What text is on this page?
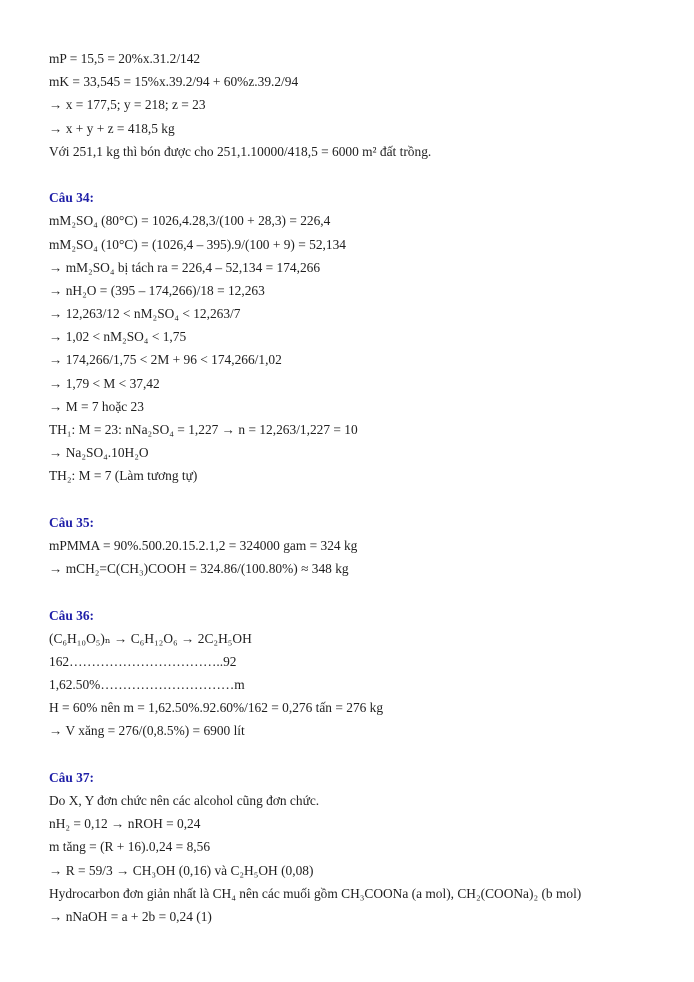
mP = 15,5 = 20%x.31.2/142
mK = 33,545 = 15%x.39.2/94 + 60%z.39.2/94
→ x = 177,5; y = 218; z = 23
→ x + y + z = 418,5 kg
Với 251,1 kg thì bón được cho 251,1.10000/418,5 = 6000 m² đất trồng.
Câu 34:
mM₂SO₄ (80°C) = 1026,4.28,3/(100 + 28,3) = 226,4
mM₂SO₄ (10°C) = (1026,4 – 395).9/(100 + 9) = 52,134
→ mM₂SO₄ bị tách ra = 226,4 – 52,134 = 174,266
→ nH₂O = (395 – 174,266)/18 = 12,263
→ 12,263/12 < nM₂SO₄ < 12,263/7
→ 1,02 < nM₂SO₄ < 1,75
→ 174,266/1,75 < 2M + 96 < 174,266/1,02
→ 1,79 < M < 37,42
→ M = 7 hoặc 23
TH₁: M = 23: nNa₂SO₄ = 1,227 → n = 12,263/1,227 = 10
→ Na₂SO₄.10H₂O
TH₂: M = 7 (Làm tương tự)
Câu 35:
mPMMA = 90%.500.20.15.2.1,2 = 324000 gam = 324 kg
→ mCH₂=C(CH₃)COOH = 324.86/(100.80%) ≈ 348 kg
Câu 36:
(C₆H₁₀O₅)ₙ → C₆H₁₂O₆ → 2C₂H₅OH
162……………………………..92
1,62.50%…………………………m
H = 60% nên m = 1,62.50%.92.60%/162 = 0,276 tấn = 276 kg
→ V xăng = 276/(0,8.5%) = 6900 lít
Câu 37:
Do X, Y đơn chức nên các alcohol cũng đơn chức.
nH₂ = 0,12 → nROH = 0,24
m tăng = (R + 16).0,24 = 8,56
→ R = 59/3 → CH₃OH (0,16) và C₂H₅OH (0,08)
Hydrocarbon đơn giản nhất là CH₄ nên các muối gồm CH₃COONa (a mol), CH₂(COONa)₂ (b mol)
→ nNaOH = a + 2b = 0,24 (1)
